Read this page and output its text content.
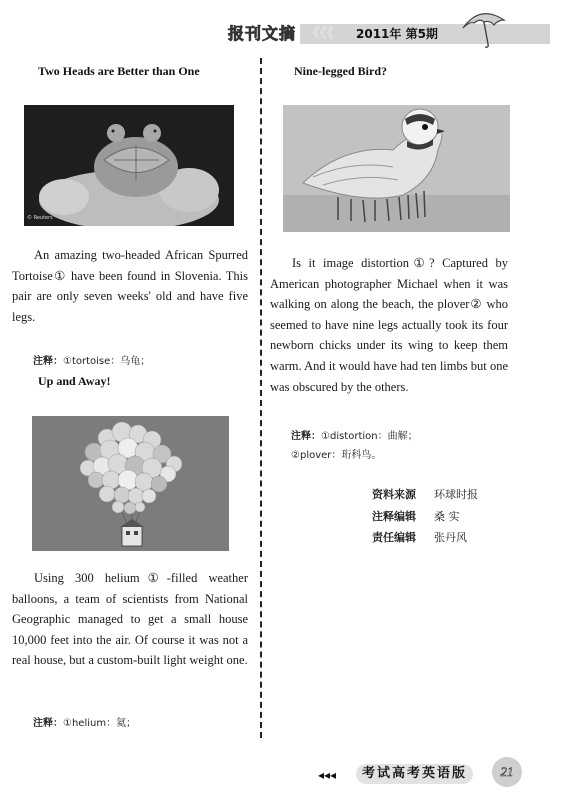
报刊文摘 《《《 2011年 第5期
Two Heads are Better than One
© Reuters
An amazing two-headed African Spurred Tortoise① have been found in Slovenia. This pair are only seven weeks' old and have five legs.
注释：①tortoise：乌龟；
Up and Away!
Using 300 helium①-filled weather balloons, a team of scientists from National Geographic managed to get a small house 10,000 feet into the air. Of course it was not a real house, but a custom-built light weight one.
注释：①helium：氦；
Nine-legged Bird?
Is it image distortion①? Captured by American photographer Michael when it was walking on along the beach, the plover② who seemed to have nine legs actually took its four newborn chicks under its wing to keep them warm. And it would have had ten limbs but one was obscured by the others.
注释：①distortion：曲解；
②plover：珩科鸟。
资料来源 环球时报
注释编辑 桑 实
责任编辑 张丹风
◂◂◂	考试高考英语版	21
